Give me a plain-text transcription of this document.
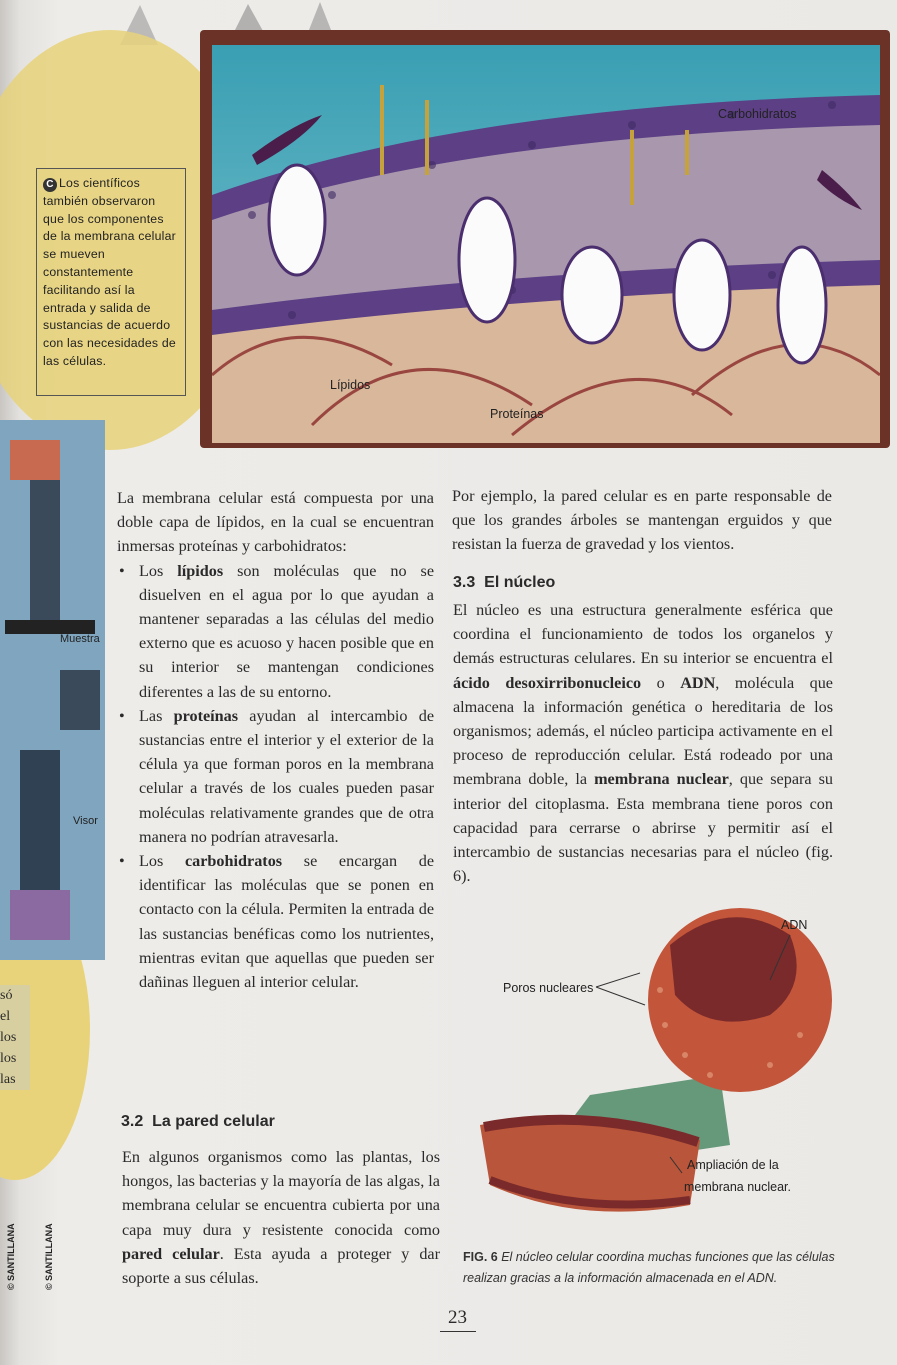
Muestra
Visor
só
el
los
los
las
Carbohidratos
Lípidos
Proteínas
C Los científicos también observaron que los componentes de la membrana celular se mueven constantemente facilitando así la entrada y salida de sustancias de acuerdo con las necesidades de las células.

La membrana celular está compuesta por una doble capa de lípidos, en la cual se encuentran inmersas proteínas y carbohidratos:

• Los lípidos son moléculas que no se disuelven en el agua por lo que ayudan a mantener separadas a las células del medio externo que es acuoso y hacen posible que en su interior se mantengan condiciones diferentes a las de su entorno.

• Las proteínas ayudan al intercambio de sustancias entre el interior y el exterior de la célula ya que forman poros en la membrana celular a través de los cuales pueden pasar moléculas relativamente grandes que de otra manera no podrían atravesarla.

• Los carbohidratos se encargan de identificar las moléculas que se ponen en contacto con la célula. Permiten la entrada de las sustancias benéficas como los nutrientes, mientras evitan que aquellas que pueden ser dañinas lleguen al interior celular.

3.2 La pared celular
En algunos organismos como las plantas, los hongos, las bacterias y la mayoría de las algas, la membrana celular se encuentra cubierta por una capa muy dura y resistente conocida como pared celular. Esta ayuda a proteger y dar soporte a sus células.
Por ejemplo, la pared celular es en parte responsable de que los grandes árboles se mantengan erguidos y que resistan la fuerza de gravedad y los vientos.
3.3 El núcleo
El núcleo es una estructura generalmente esférica que coordina el funcionamiento de todos los organelos y demás estructuras celulares. En su interior se encuentra el ácido desoxirribonucleico o ADN, molécula que almacena la información genética o hereditaria de los organismos; además, el núcleo participa activamente en el proceso de reproducción celular. Está rodeado por una membrana doble, la membrana nuclear, que separa su interior del citoplasma. Esta membrana tiene poros con capacidad para cerrarse o abrirse y permitir así el intercambio de sustancias necesarias para el núcleo (fig. 6).
ADN
Poros nucleares
Ampliación de la
membrana nuclear.
FIG. 6 El núcleo celular coordina muchas funciones que las células realizan gracias a la información almacenada en el ADN.
23
© SANTILLANA	© SANTILLANA
